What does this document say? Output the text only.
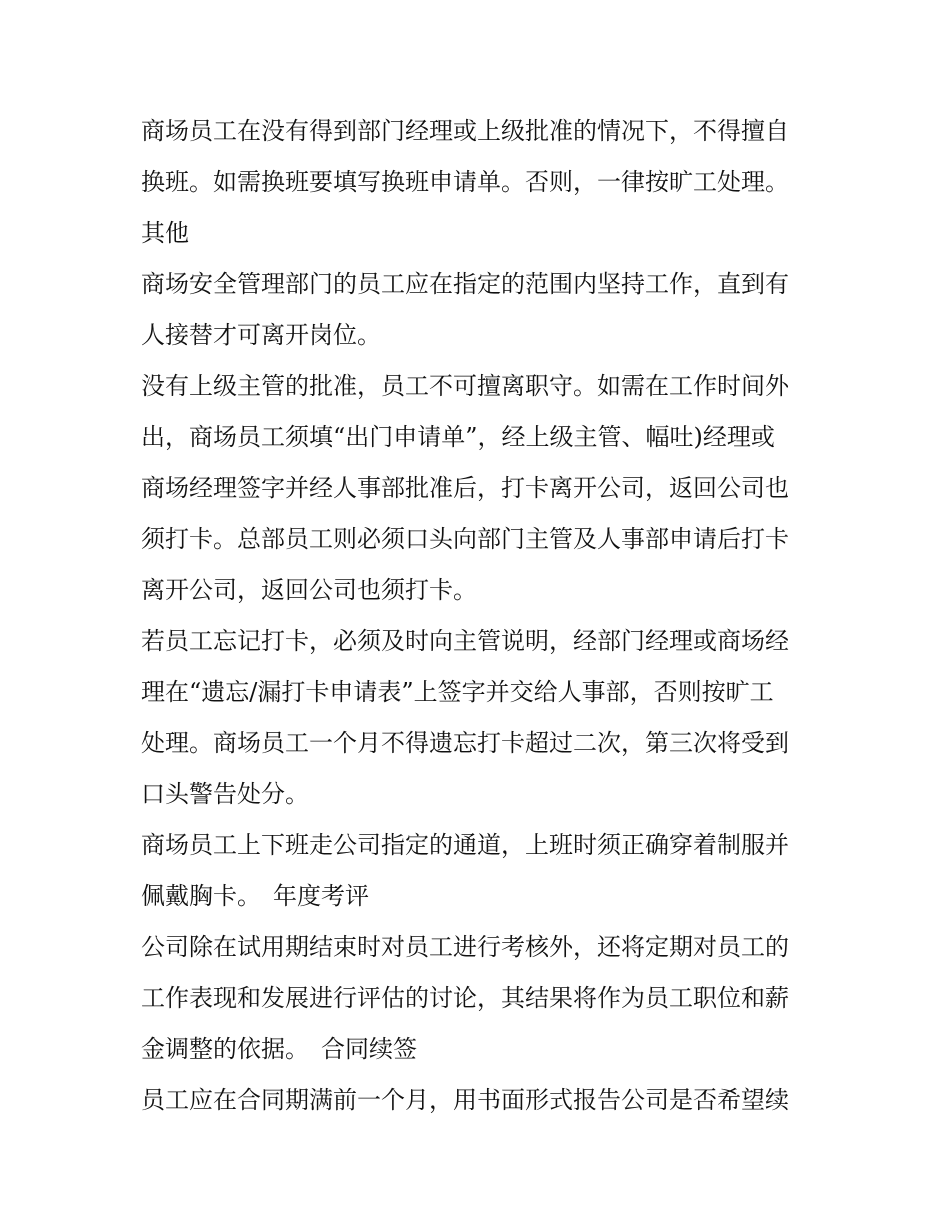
商场员工在没有得到部门经理或上级批准的情况下，不得擅自
换班。如需换班要填写换班申请单。否则，一律按旷工处理。
其他
商场安全管理部门的员工应在指定的范围内坚持工作，直到有
人接替才可离开岗位。
没有上级主管的批准，员工不可擅离职守。如需在工作时间外
出，商场员工须填“出门申请单”，经上级主管、幅吐)经理或
商场经理签字并经人事部批准后，打卡离开公司，返回公司也
须打卡。总部员工则必须口头向部门主管及人事部申请后打卡
离开公司，返回公司也须打卡。
若员工忘记打卡，必须及时向主管说明，经部门经理或商场经
理在“遗忘/漏打卡申请表”上签字并交给人事部，否则按旷工
处理。商场员工一个月不得遗忘打卡超过二次，第三次将受到
口头警告处分。
商场员工上下班走公司指定的通道，上班时须正确穿着制服并
佩戴胸卡。 年度考评
公司除在试用期结束时对员工进行考核外，还将定期对员工的
工作表现和发展进行评估的讨论，其结果将作为员工职位和薪
金调整的依据。 合同续签
员工应在合同期满前一个月，用书面形式报告公司是否希望续
